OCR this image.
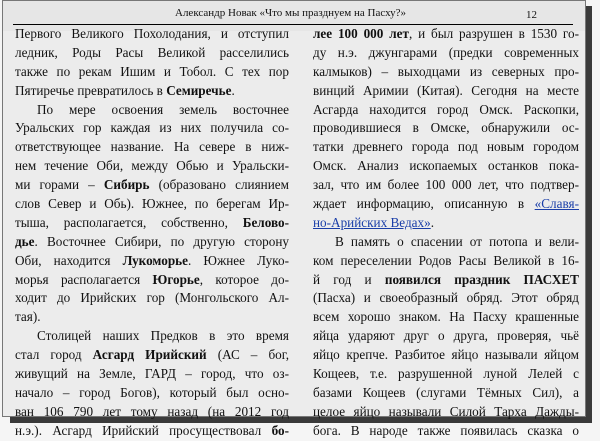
Александр Новак «Что мы празднуем на Пасху?»	12
Первого Великого Похолодания, и отступил
ледник, Роды Расы Великой расселились
также по рекам Ишим и Тобол. С тех пор
Пятиречье превратилось в Семиречье.
По мере освоения земель восточнее
Уральских гор каждая из них получила со-
ответствующее название. На севере в ниж-
нем течение Оби, между Обью и Уральски-
ми горами – Сибирь (образовано слиянием
слов Север и Обь). Южнее, по берегам Ир-
тыша, располагается, собственно, Белово-
дье. Восточнее Сибири, по другую сторону
Оби, находится Лукоморье. Южнее Луко-
морья располагается Югорье, которое до-
ходит до Ирийских гор (Монгольского Ал-
тая).
Столицей наших Предков в это время
стал город Асгард Ирийский (АС – бог,
живущий на Земле, ГАРД – город, что оз-
начало – город Богов), который был осно-
ван 106 790 лет тому назад (на 2012 год
н.э.). Асгард Ирийский просуществовал бо-
лее 100 000 лет, и был разрушен в 1530 го-
ду н.э. джунгарами (предки современных
калмыков) – выходцами из северных про-
винций Аримии (Китая). Сегодня на месте
Асгарда находится город Омск. Раскопки,
проводившиеся в Омске, обнаружили ос-
татки древнего города под новым городом
Омск. Анализ ископаемых останков пока-
зал, что им более 100 000 лет, что подтвер-
ждает информацию, описанную в «Славя-
но-Арийских Ведах».
В память о спасении от потопа и вели-
ком переселении Родов Расы Великой в 16-
й год и появился праздник ПАСХЕТ
(Пасха) и своеобразный обряд. Этот обряд
всем хорошо знаком. На Пасху крашенные
яйца ударяют друг о друга, проверяя, чьё
яйцо крепче. Разбитое яйцо называли яйцом
Кощеев, т.е. разрушенной луной Лелей с
базами Кощеев (слугами Тёмных Сил), а
целое яйцо называли Силой Тарха Дажды-
бога. В народе также появилась сказка о
